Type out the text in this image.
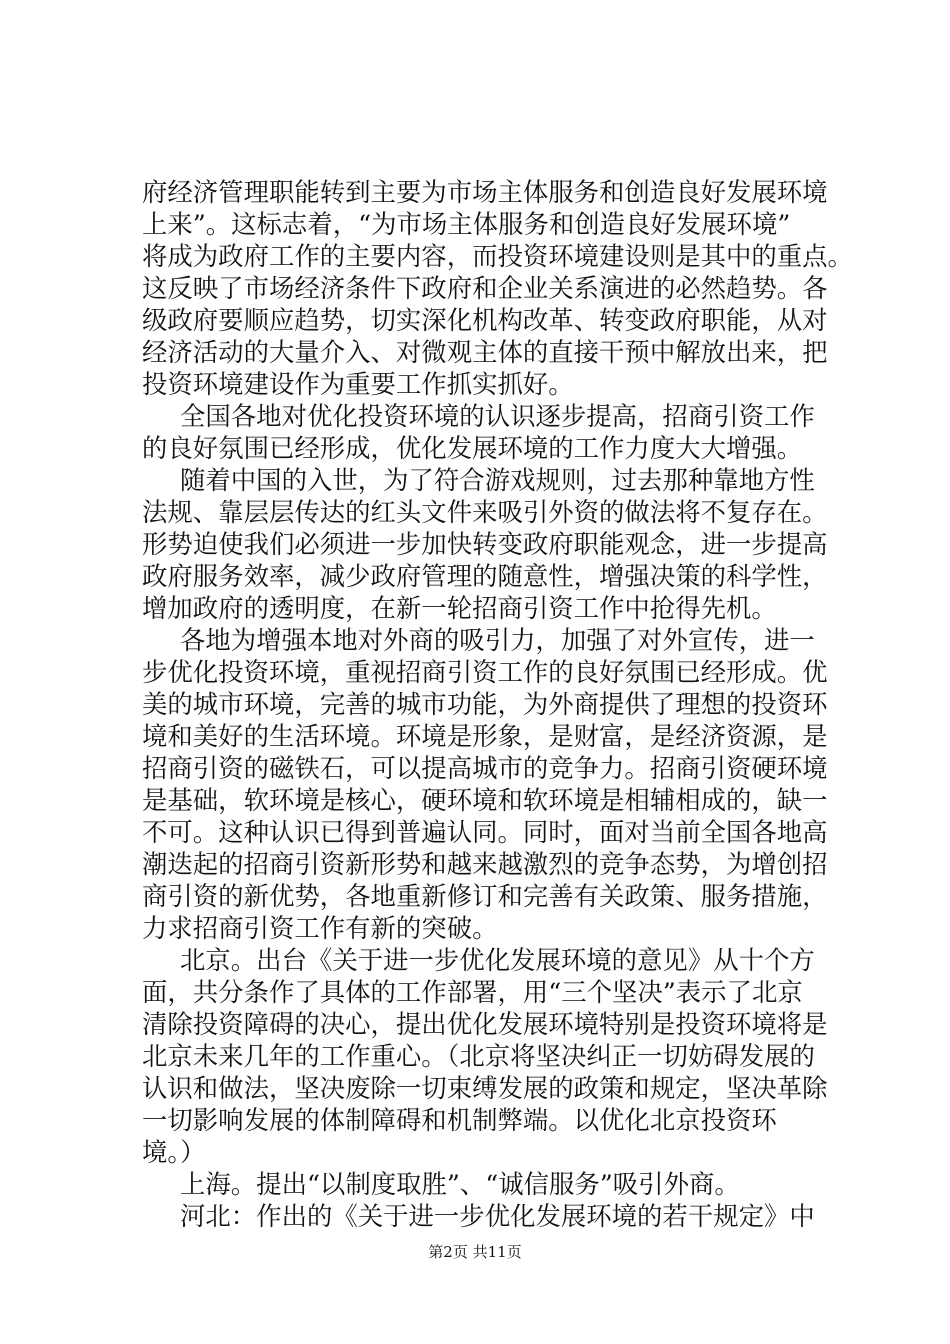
府经济管理职能转到主要为市场主体服务和创造良好发展环境
上来”。这标志着，“为市场主体服务和创造良好发展环境”
将成为政府工作的主要内容，而投资环境建设则是其中的重点。
这反映了市场经济条件下政府和企业关系演进的必然趋势。各
级政府要顺应趋势，切实深化机构改革、转变政府职能，从对
经济活动的大量介入、对微观主体的直接干预中解放出来，把
投资环境建设作为重要工作抓实抓好。
全国各地对优化投资环境的认识逐步提高，招商引资工作
的良好氛围已经形成，优化发展环境的工作力度大大增强。
随着中国的入世，为了符合游戏规则，过去那种靠地方性
法规、靠层层传达的红头文件来吸引外资的做法将不复存在。
形势迫使我们必须进一步加快转变政府职能观念，进一步提高
政府服务效率，减少政府管理的随意性，增强决策的科学性，
增加政府的透明度，在新一轮招商引资工作中抢得先机。
各地为增强本地对外商的吸引力，加强了对外宣传，进一
步优化投资环境，重视招商引资工作的良好氛围已经形成。优
美的城市环境，完善的城市功能，为外商提供了理想的投资环
境和美好的生活环境。环境是形象，是财富，是经济资源，是
招商引资的磁铁石，可以提高城市的竞争力。招商引资硬环境
是基础，软环境是核心，硬环境和软环境是相辅相成的，缺一
不可。这种认识已得到普遍认同。同时，面对当前全国各地高
潮迭起的招商引资新形势和越来越激烈的竞争态势，为增创招
商引资的新优势，各地重新修订和完善有关政策、服务措施，
力求招商引资工作有新的突破。
北京。出台《关于进一步优化发展环境的意见》从十个方
面，共分条作了具体的工作部署，用“三个坚决”表示了北京
清除投资障碍的决心，提出优化发展环境特别是投资环境将是
北京未来几年的工作重心。（北京将坚决纠正一切妨碍发展的
认识和做法，坚决废除一切束缚发展的政策和规定，坚决革除
一切影响发展的体制障碍和机制弊端。以优化北京投资环
境。）
上海。提出“以制度取胜”、“诚信服务”吸引外商。
河北：作出的《关于进一步优化发展环境的若干规定》中
第2页 共11页
